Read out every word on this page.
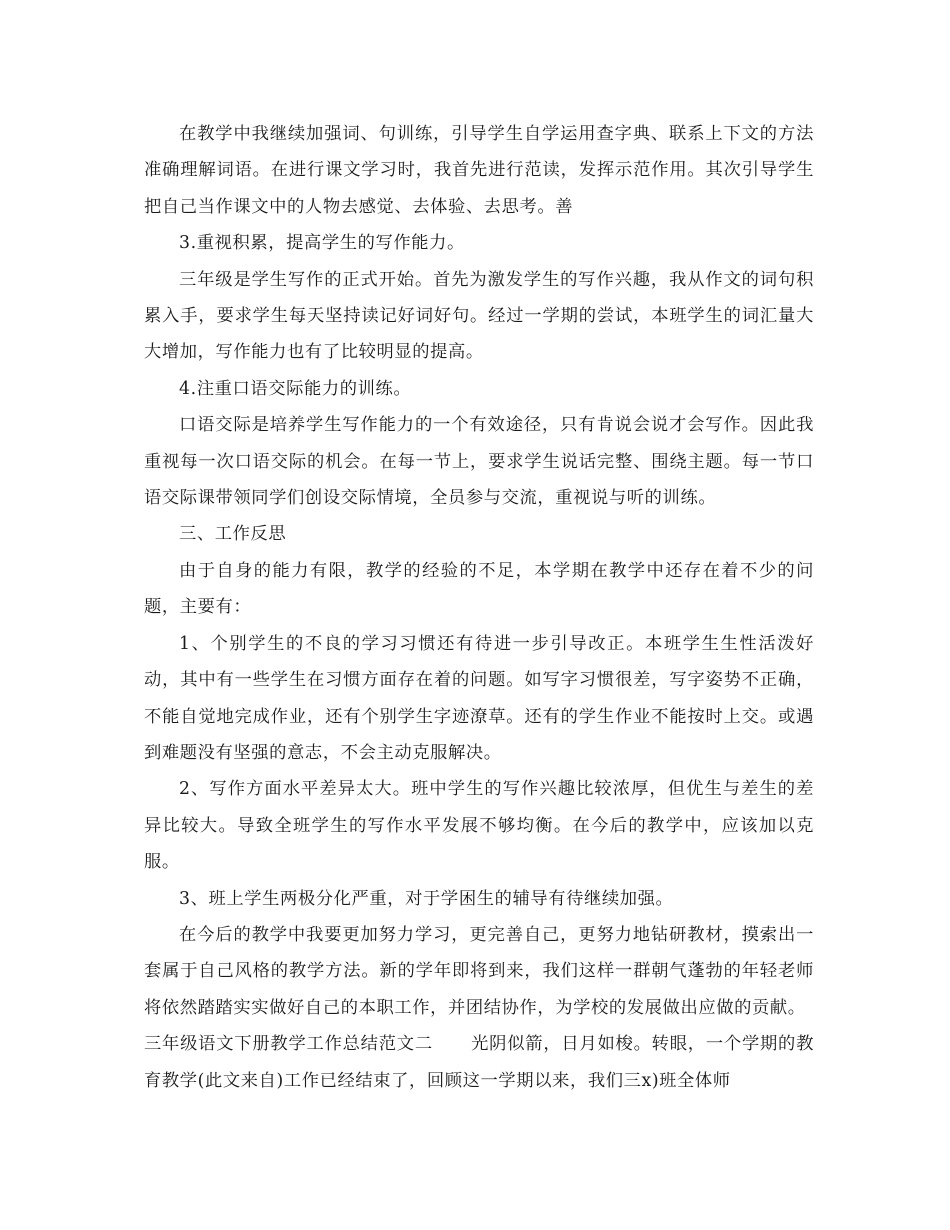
在教学中我继续加强词、句训练，引导学生自学运用查字典、联系上下文的方法准确理解词语。在进行课文学习时，我首先进行范读，发挥示范作用。其次引导学生把自己当作课文中的人物去感觉、去体验、去思考。善

3.重视积累，提高学生的写作能力。

三年级是学生写作的正式开始。首先为激发学生的写作兴趣，我从作文的词句积累入手，要求学生每天坚持读记好词好句。经过一学期的尝试，本班学生的词汇量大大增加，写作能力也有了比较明显的提高。

4.注重口语交际能力的训练。

口语交际是培养学生写作能力的一个有效途径，只有肯说会说才会写作。因此我重视每一次口语交际的机会。在每一节上，要求学生说话完整、围绕主题。每一节口语交际课带领同学们创设交际情境，全员参与交流，重视说与听的训练。

三、工作反思

由于自身的能力有限，教学的经验的不足，本学期在教学中还存在着不少的问题，主要有：

1、个别学生的不良的学习习惯还有待进一步引导改正。本班学生生性活泼好动，其中有一些学生在习惯方面存在着的问题。如写字习惯很差，写字姿势不正确，不能自觉地完成作业，还有个别学生字迹潦草。还有的学生作业不能按时上交。或遇到难题没有坚强的意志，不会主动克服解决。

2、写作方面水平差异太大。班中学生的写作兴趣比较浓厚，但优生与差生的差异比较大。导致全班学生的写作水平发展不够均衡。在今后的教学中，应该加以克服。

3、班上学生两极分化严重，对于学困生的辅导有待继续加强。

在今后的教学中我要更加努力学习，更完善自己，更努力地钻研教材，摸索出一套属于自己风格的教学方法。新的学年即将到来，我们这样一群朝气蓬勃的年轻老师将依然踏踏实实做好自己的本职工作，并团结协作，为学校的发展做出应做的贡献。

三年级语文下册教学工作总结范文二 光阴似箭，日月如梭。转眼，一个学期的教育教学(此文来自)工作已经结束了，回顾这一学期以来，我们三x)班全体师
